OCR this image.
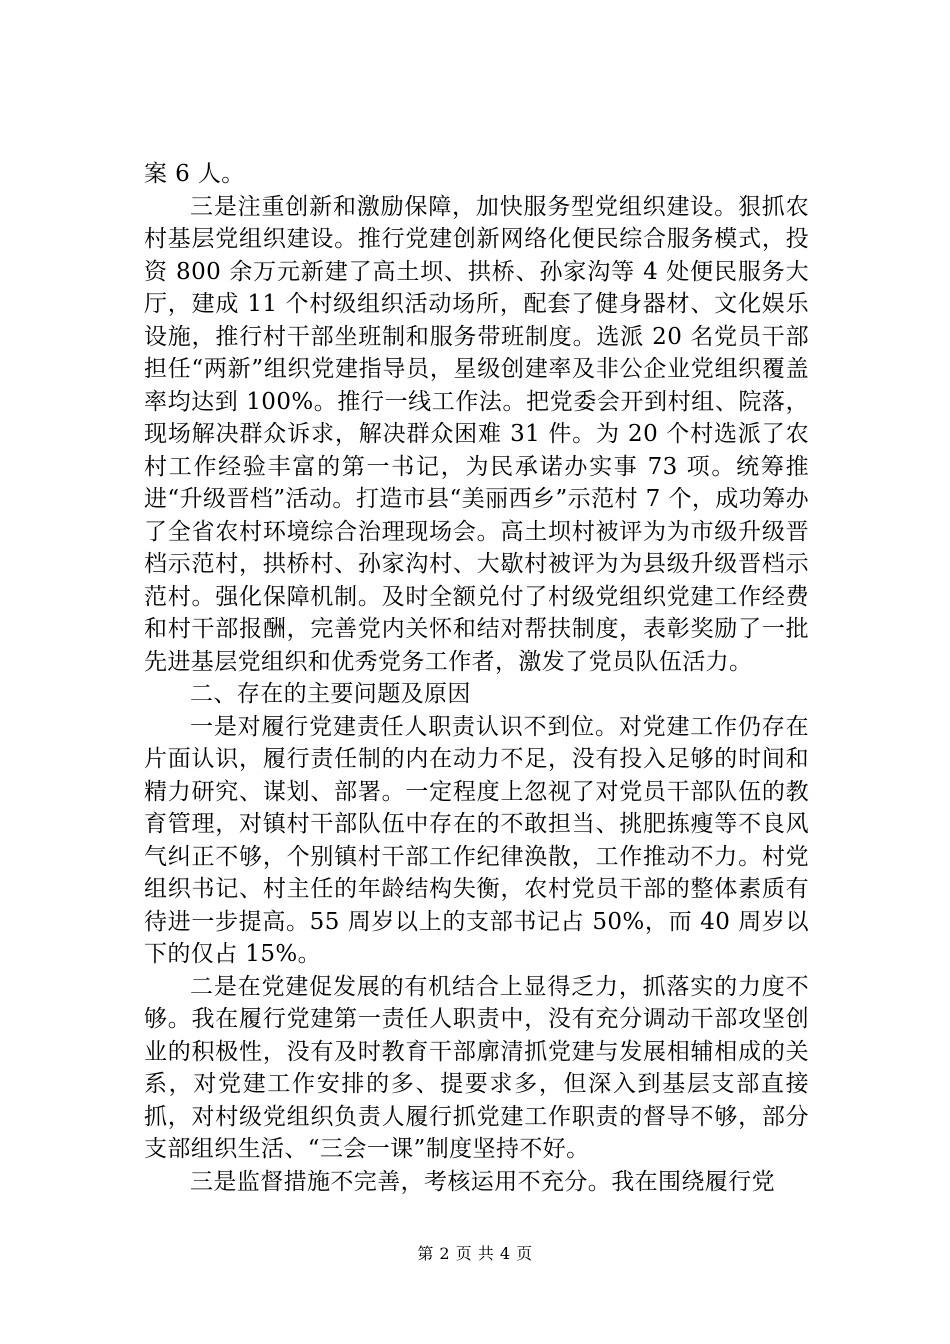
案 6 人。

三是注重创新和激励保障，加快服务型党组织建设。狠抓农村基层党组织建设。推行党建创新网络化便民综合服务模式，投资 800 余万元新建了高土坝、拱桥、孙家沟等 4 处便民服务大厅，建成 11 个村级组织活动场所，配套了健身器材、文化娱乐设施，推行村干部坐班制和服务带班制度。选派 20 名党员干部担任“两新”组织党建指导员，星级创建率及非公企业党组织覆盖率均达到 100%。推行一线工作法。把党委会开到村组、院落，现场解决群众诉求，解决群众困难 31 件。为 20 个村选派了农村工作经验丰富的第一书记，为民承诺办实事 73 项。统筹推进“升级晋档”活动。打造市县“美丽西乡”示范村 7 个，成功筹办了全省农村环境综合治理现场会。高土坝村被评为为市级升级晋档示范村，拱桥村、孙家沟村、大歇村被评为为县级升级晋档示范村。强化保障机制。及时全额兑付了村级党组织党建工作经费和村干部报酬，完善党内关怀和结对帮扶制度，表彰奖励了一批先进基层党组织和优秀党务工作者，激发了党员队伍活力。

二、存在的主要问题及原因

一是对履行党建责任人职责认识不到位。对党建工作仍存在片面认识，履行责任制的内在动力不足，没有投入足够的时间和精力研究、谋划、部署。一定程度上忽视了对党员干部队伍的教育管理，对镇村干部队伍中存在的不敢担当、挑肥拣瘦等不良风气纠正不够，个别镇村干部工作纪律涣散，工作推动不力。村党组织书记、村主任的年龄结构失衡，农村党员干部的整体素质有待进一步提高。55 周岁以上的支部书记占 50%，而 40 周岁以下的仅占 15%。

二是在党建促发展的有机结合上显得乏力，抓落实的力度不够。我在履行党建第一责任人职责中，没有充分调动干部攻坚创业的积极性，没有及时教育干部廓清抓党建与发展相辅相成的关系，对党建工作安排的多、提要求多，但深入到基层支部直接抓，对村级党组织负责人履行抓党建工作职责的督导不够，部分支部组织生活、“三会一课”制度坚持不好。

三是监督措施不完善，考核运用不充分。我在围绕履行党

第 2 页 共 4 页
